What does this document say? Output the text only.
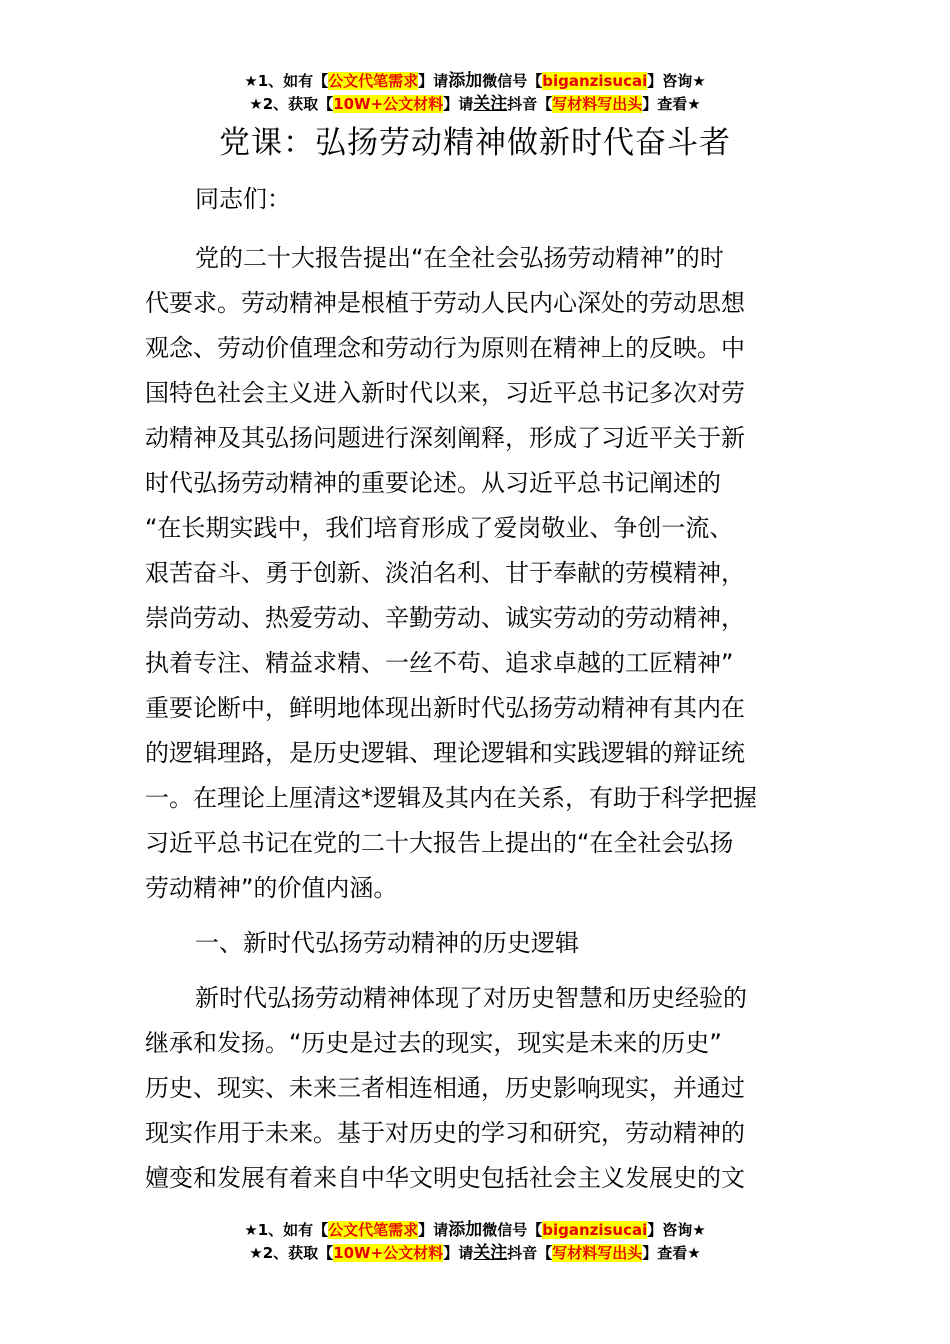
★1、如有【公文代笔需求】请添加微信号【biganzisucai】咨询★
★2、获取【10W+公文材料】请关注抖音【写材料写出头】查看★
党课：弘扬劳动精神做新时代奋斗者
同志们：
党的二十大报告提出“在全社会弘扬劳动精神”的时
代要求。劳动精神是根植于劳动人民内心深处的劳动思想
观念、劳动价值理念和劳动行为原则在精神上的反映。中
国特色社会主义进入新时代以来，习近平总书记多次对劳
动精神及其弘扬问题进行深刻阐释，形成了习近平关于新
时代弘扬劳动精神的重要论述。从习近平总书记阐述的
“在长期实践中，我们培育形成了爱岗敬业、争创一流、
艰苦奋斗、勇于创新、淡泊名利、甘于奉献的劳模精神，
崇尚劳动、热爱劳动、辛勤劳动、诚实劳动的劳动精神，
执着专注、精益求精、一丝不苟、追求卓越的工匠精神”
重要论断中，鲜明地体现出新时代弘扬劳动精神有其内在
的逻辑理路，是历史逻辑、理论逻辑和实践逻辑的辩证统
一。在理论上厘清这*逻辑及其内在关系，有助于科学把握
习近平总书记在党的二十大报告上提出的“在全社会弘扬
劳动精神”的价值内涵。
一、新时代弘扬劳动精神的历史逻辑
新时代弘扬劳动精神体现了对历史智慧和历史经验的
继承和发扬。“历史是过去的现实，现实是未来的历史”
历史、现实、未来三者相连相通，历史影响现实，并通过
现实作用于未来。基于对历史的学习和研究，劳动精神的
嬗变和发展有着来自中华文明史包括社会主义发展史的文
★1、如有【公文代笔需求】请添加微信号【biganzisucai】咨询★
★2、获取【10W+公文材料】请关注抖音【写材料写出头】查看★
